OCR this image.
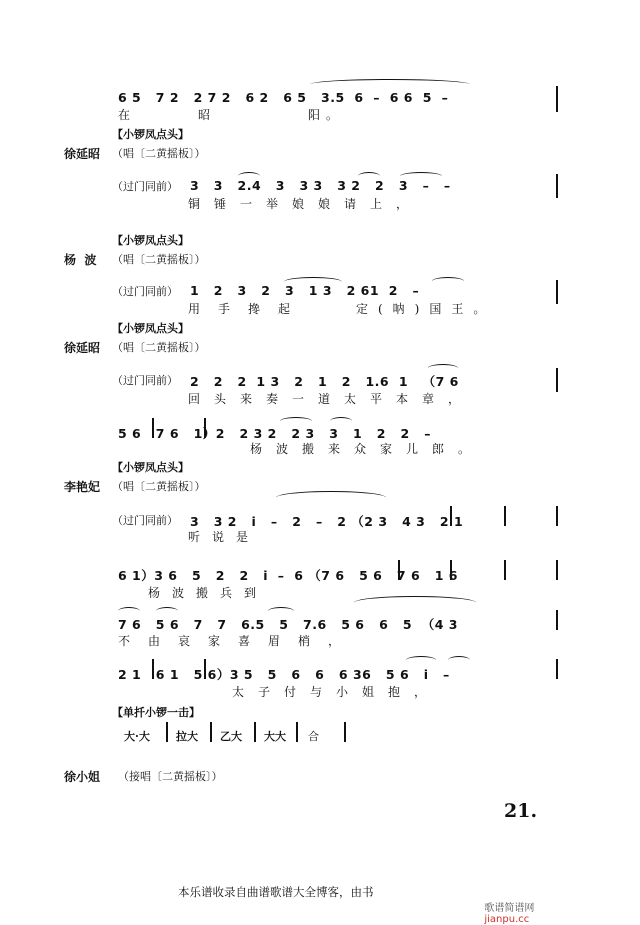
6 5   7 2   2 7 2   6 2   6 5   3.5  6  –  6 6  5  –
在	昭	阳。
【小锣凤点头】
徐延昭 （唱〔二黄摇板〕）
（过门同前） 3   3   2.4   3   3 3   3 2   2   3   –   –
铜锤一举娘娘请上，
【小锣凤点头】
杨  波 （唱〔二黄摇板〕）
（过门同前） 1   2   3   2   3   1 3   2 61  2   –
用手搀起	定(呐)国王。
【小锣凤点头】
徐延昭 （唱〔二黄摇板〕）
（过门同前） 2   2   2  1 3   2   1   2   1.6  1   （7 6
回头来奏一道太平本章，
5 6   7 6   1）2   2 3 2   2 3   3   1   2   2   –
杨波搬来众家儿郎。
【小锣凤点头】
李艳妃 （唱〔二黄摇板〕）
（过门同前） 3   3 2   i   –   2   –   2 （2 3   4 3   2 1
听说是
6 1）3 6   5   2   2   i  –  6 （7 6   5 6   7 6   1 6
杨波搬兵到
7 6   5 6   7   7   6.5   5   7.6   5 6   6   5  （4 3
不由哀家喜眉梢，
2 1   6 1   5 6）3 5   5   6   6   6 36   5 6   i   –
太子付与小姐抱，
【单扦小锣一击】
大·大 拉大 乙大 大大 合
徐小姐 （接唱〔二黄摇板〕）
21.
本乐谱收录自曲谱歌谱大全博客，由书

歌谱简谱网
jianpu.cc
